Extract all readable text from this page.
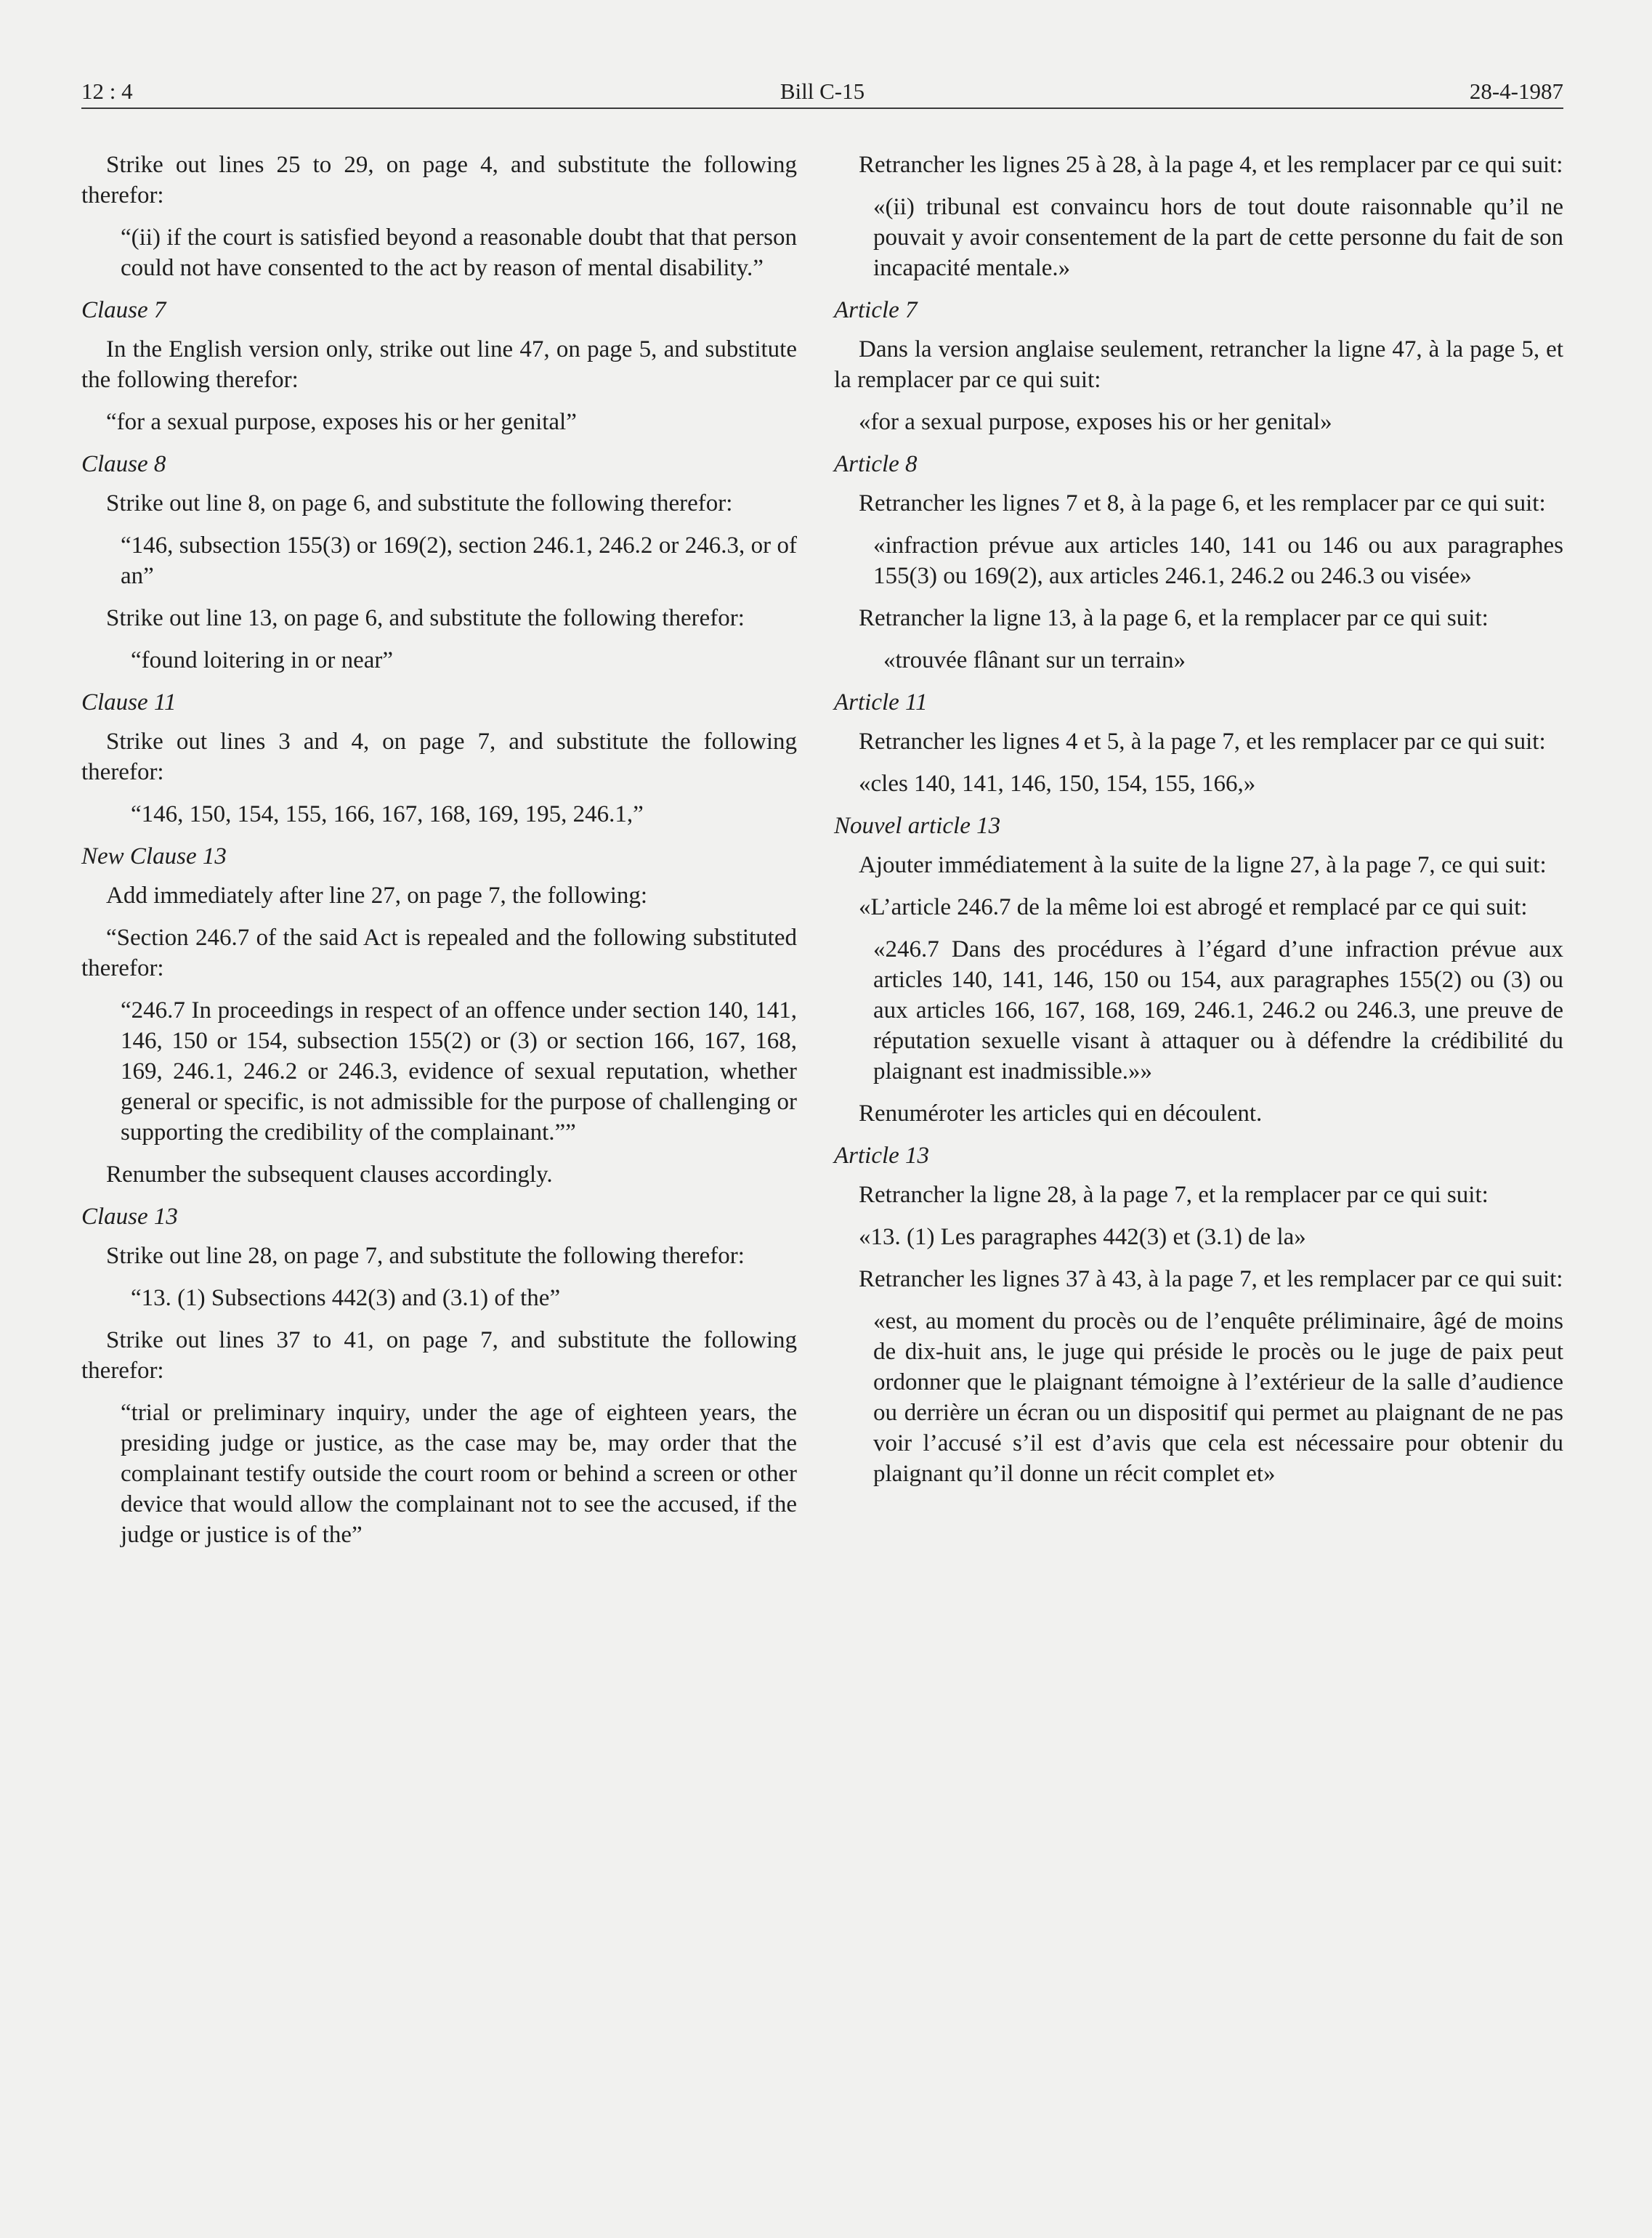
12 : 4	Bill C-15	28-4-1987

Strike out lines 25 to 29, on page 4, and substitute the following therefor:

“(ii) if the court is satisfied beyond a reasonable doubt that that person could not have consented to the act by reason of mental disability.”

Clause 7

In the English version only, strike out line 47, on page 5, and substitute the following therefor:

“for a sexual purpose, exposes his or her genital”

Clause 8

Strike out line 8, on page 6, and substitute the following therefor:

“146, subsection 155(3) or 169(2), section 246.1, 246.2 or 246.3, or of an”

Strike out line 13, on page 6, and substitute the following therefor:

“found loitering in or near”

Clause 11

Strike out lines 3 and 4, on page 7, and substitute the following therefor:

“146, 150, 154, 155, 166, 167, 168, 169, 195, 246.1,”

New Clause 13

Add immediately after line 27, on page 7, the following:

“Section 246.7 of the said Act is repealed and the following substituted therefor:

“246.7 In proceedings in respect of an offence under section 140, 141, 146, 150 or 154, subsection 155(2) or (3) or section 166, 167, 168, 169, 246.1, 246.2 or 246.3, evidence of sexual reputation, whether general or specific, is not admissible for the purpose of challenging or supporting the credibility of the complainant.””

Renumber the subsequent clauses accordingly.

Clause 13

Strike out line 28, on page 7, and substitute the following therefor:

“13. (1) Subsections 442(3) and (3.1) of the”

Strike out lines 37 to 41, on page 7, and substitute the following therefor:

“trial or preliminary inquiry, under the age of eighteen years, the presiding judge or justice, as the case may be, may order that the complainant testify outside the court room or behind a screen or other device that would allow the complainant not to see the accused, if the judge or justice is of the”

Retrancher les lignes 25 à 28, à la page 4, et les remplacer par ce qui suit:

«(ii) tribunal est convaincu hors de tout doute raisonnable qu’il ne pouvait y avoir consentement de la part de cette personne du fait de son incapacité mentale.»

Article 7

Dans la version anglaise seulement, retrancher la ligne 47, à la page 5, et la remplacer par ce qui suit:

«for a sexual purpose, exposes his or her genital»

Article 8

Retrancher les lignes 7 et 8, à la page 6, et les remplacer par ce qui suit:

«infraction prévue aux articles 140, 141 ou 146 ou aux paragraphes 155(3) ou 169(2), aux articles 246.1, 246.2 ou 246.3 ou visée»

Retrancher la ligne 13, à la page 6, et la remplacer par ce qui suit:

«trouvée flânant sur un terrain»

Article 11

Retrancher les lignes 4 et 5, à la page 7, et les remplacer par ce qui suit:

«cles 140, 141, 146, 150, 154, 155, 166,»

Nouvel article 13

Ajouter immédiatement à la suite de la ligne 27, à la page 7, ce qui suit:

«L’article 246.7 de la même loi est abrogé et remplacé par ce qui suit:

«246.7 Dans des procédures à l’égard d’une infraction prévue aux articles 140, 141, 146, 150 ou 154, aux paragraphes 155(2) ou (3) ou aux articles 166, 167, 168, 169, 246.1, 246.2 ou 246.3, une preuve de réputation sexuelle visant à attaquer ou à défendre la crédibilité du plaignant est inadmissible.»»

Renuméroter les articles qui en découlent.

Article 13

Retrancher la ligne 28, à la page 7, et la remplacer par ce qui suit:

«13. (1) Les paragraphes 442(3) et (3.1) de la»

Retrancher les lignes 37 à 43, à la page 7, et les remplacer par ce qui suit:

«est, au moment du procès ou de l’enquête préliminaire, âgé de moins de dix-huit ans, le juge qui préside le procès ou le juge de paix peut ordonner que le plaignant témoigne à l’extérieur de la salle d’audience ou derrière un écran ou un dispositif qui permet au plaignant de ne pas voir l’accusé s’il est d’avis que cela est nécessaire pour obtenir du plaignant qu’il donne un récit complet et»
